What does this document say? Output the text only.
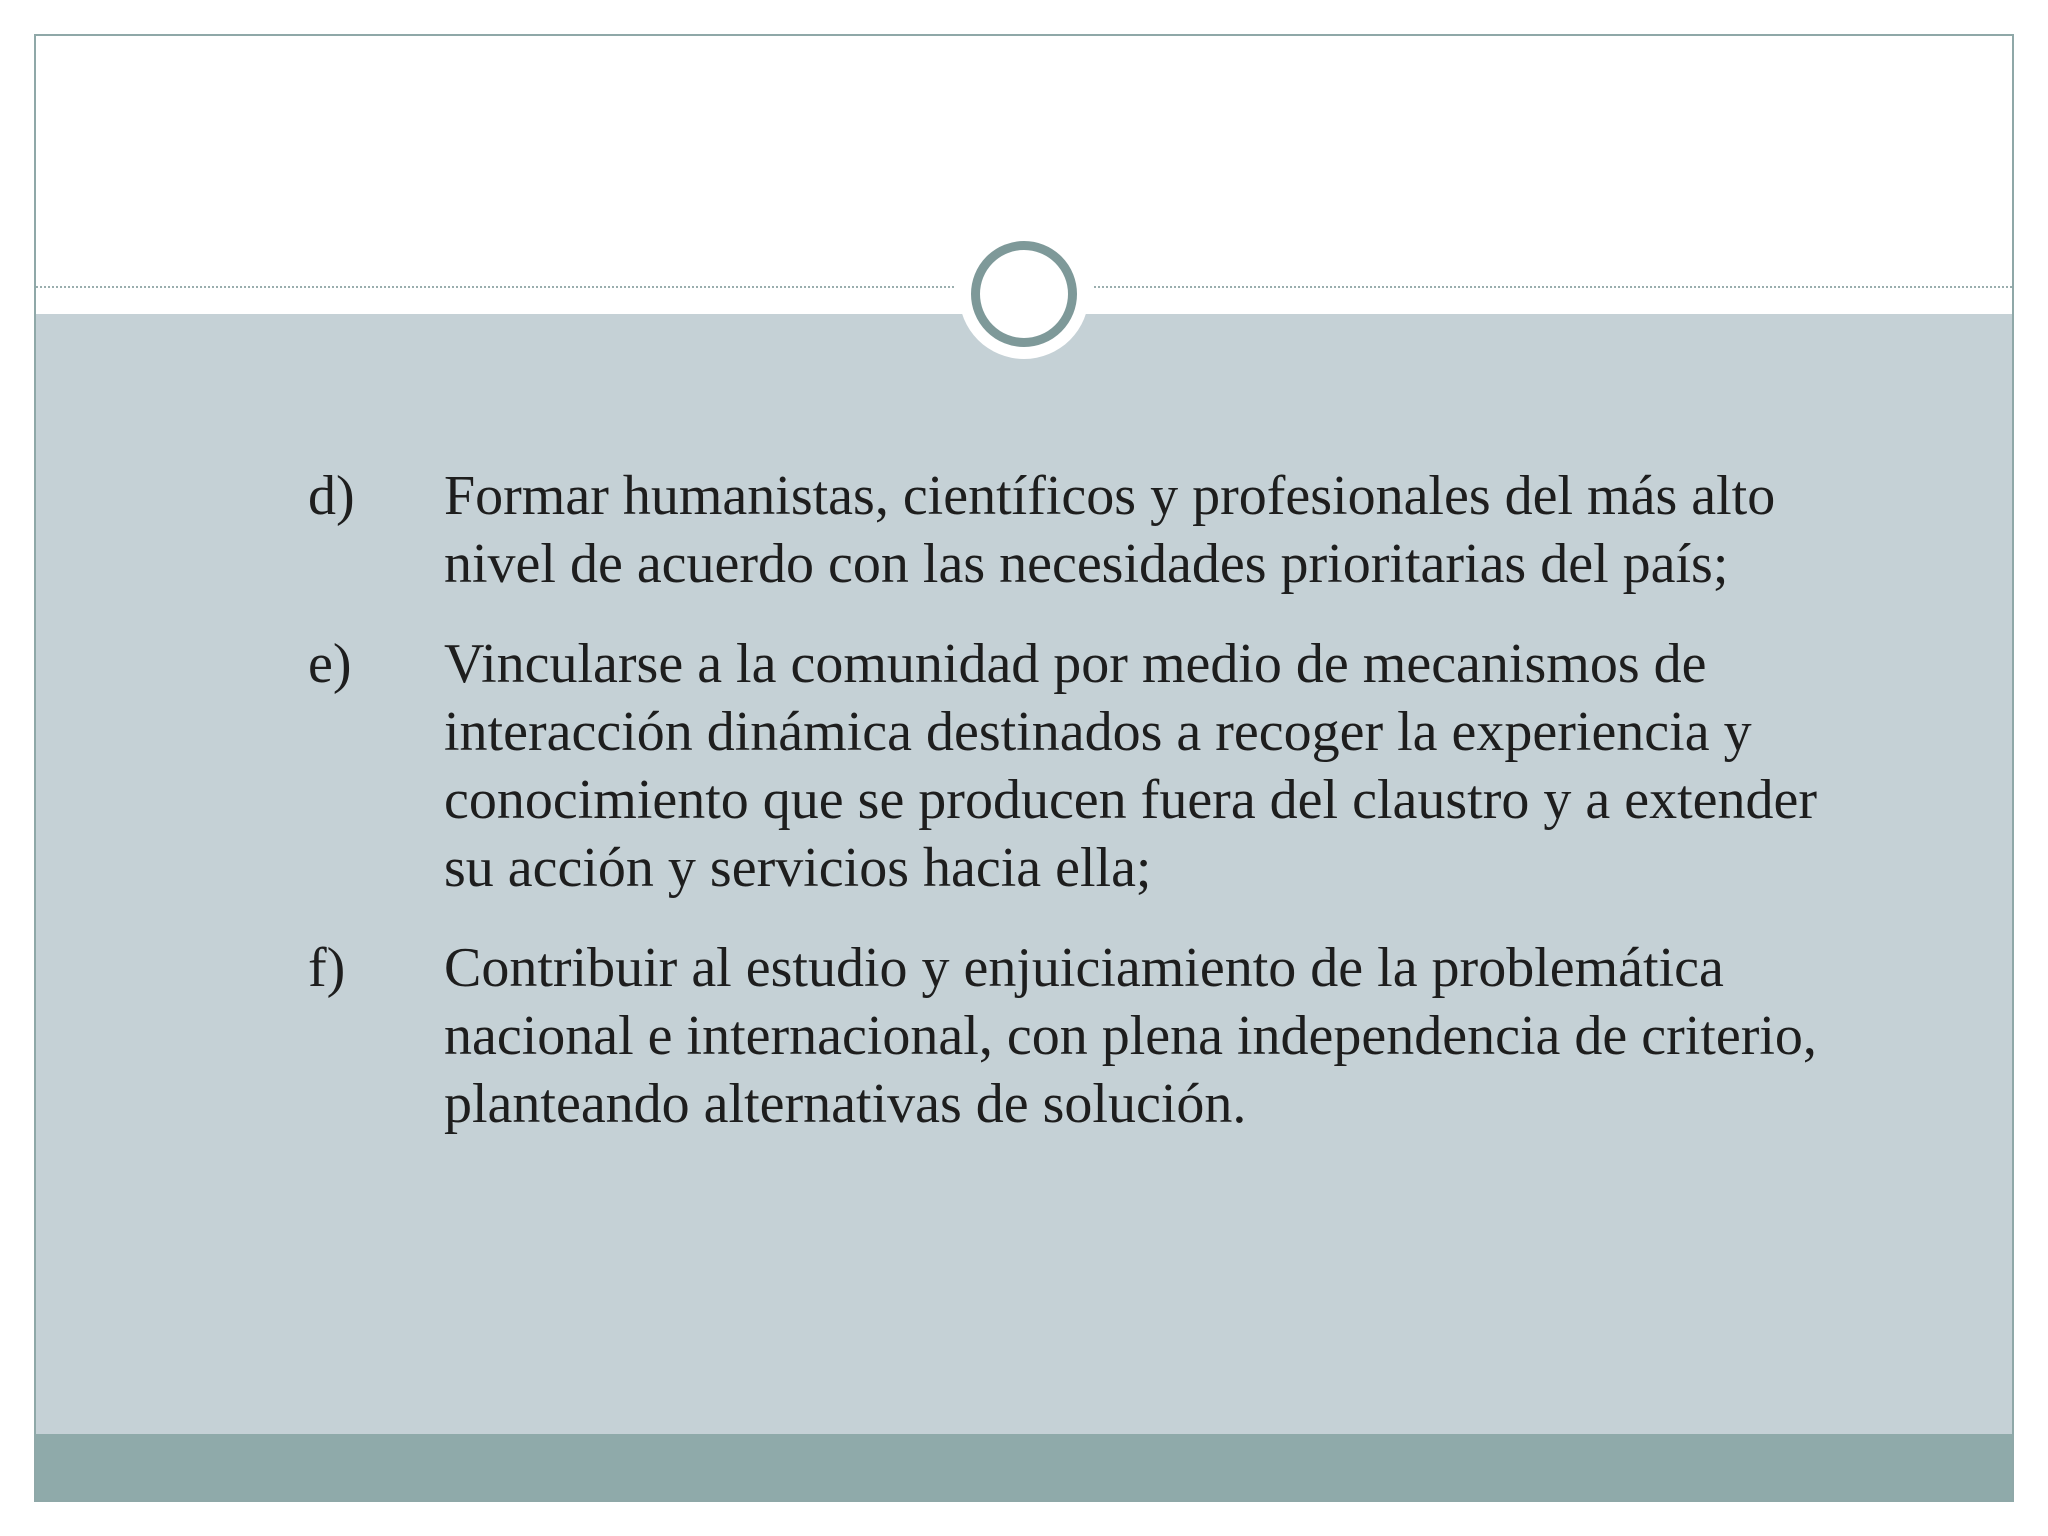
d)	Formar humanistas, científicos y profesionales del más alto nivel de acuerdo con las necesidades prioritarias del país;
e)	Vincularse a la comunidad por medio de mecanismos de interacción dinámica destinados a recoger la experiencia y conocimiento que se producen fuera del claustro y a extender su acción y servicios hacia ella;
f)	Contribuir al estudio y enjuiciamiento de la problemática nacional e internacional, con plena independencia de criterio, planteando alternativas de solución.
